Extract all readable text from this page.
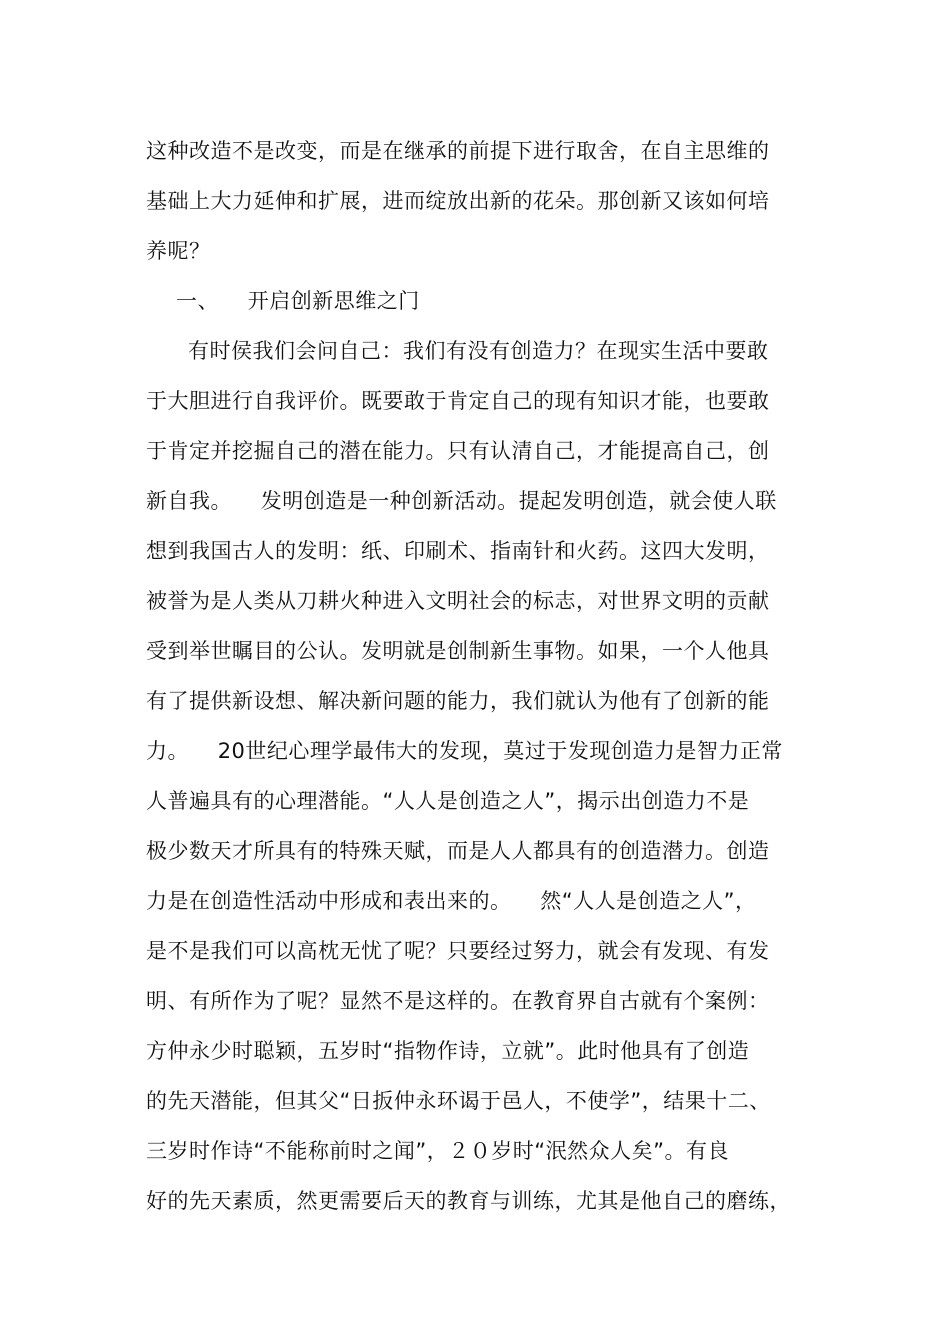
这种改造不是改变，而是在继承的前提下进行取舍，在自主思维的
基础上大力延伸和扩展，进而绽放出新的花朵。那创新又该如何培
养呢？
一、    开启创新思维之门
有时侯我们会问自己：我们有没有创造力？在现实生活中要敢
于大胆进行自我评价。既要敢于肯定自己的现有知识才能，也要敢
于肯定并挖掘自己的潜在能力。只有认清自己，才能提高自己，创
新自我。    发明创造是一种创新活动。提起发明创造，就会使人联
想到我国古人的发明：纸、印刷术、指南针和火药。这四大发明，
被誉为是人类从刀耕火种进入文明社会的标志，对世界文明的贡献
受到举世瞩目的公认。发明就是创制新生事物。如果，一个人他具
有了提供新设想、解决新问题的能力，我们就认为他有了创新的能
力。    20世纪心理学最伟大的发现，莫过于发现创造力是智力正常
人普遍具有的心理潜能。“人人是创造之人”，揭示出创造力不是
极少数天才所具有的特殊天赋，而是人人都具有的创造潜力。创造
力是在创造性活动中形成和表出来的。    然“人人是创造之人”，
是不是我们可以高枕无忧了呢？只要经过努力，就会有发现、有发
明、有所作为了呢？显然不是这样的。在教育界自古就有个案例：
方仲永少时聪颖，五岁时“指物作诗，立就”。此时他具有了创造
的先天潜能，但其父“日扳仲永环谒于邑人，不使学”，结果十二、
三岁时作诗“不能称前时之闻”，２０岁时“泯然众人矣”。有良
好的先天素质，然更需要后天的教育与训练，尤其是他自己的磨练，
